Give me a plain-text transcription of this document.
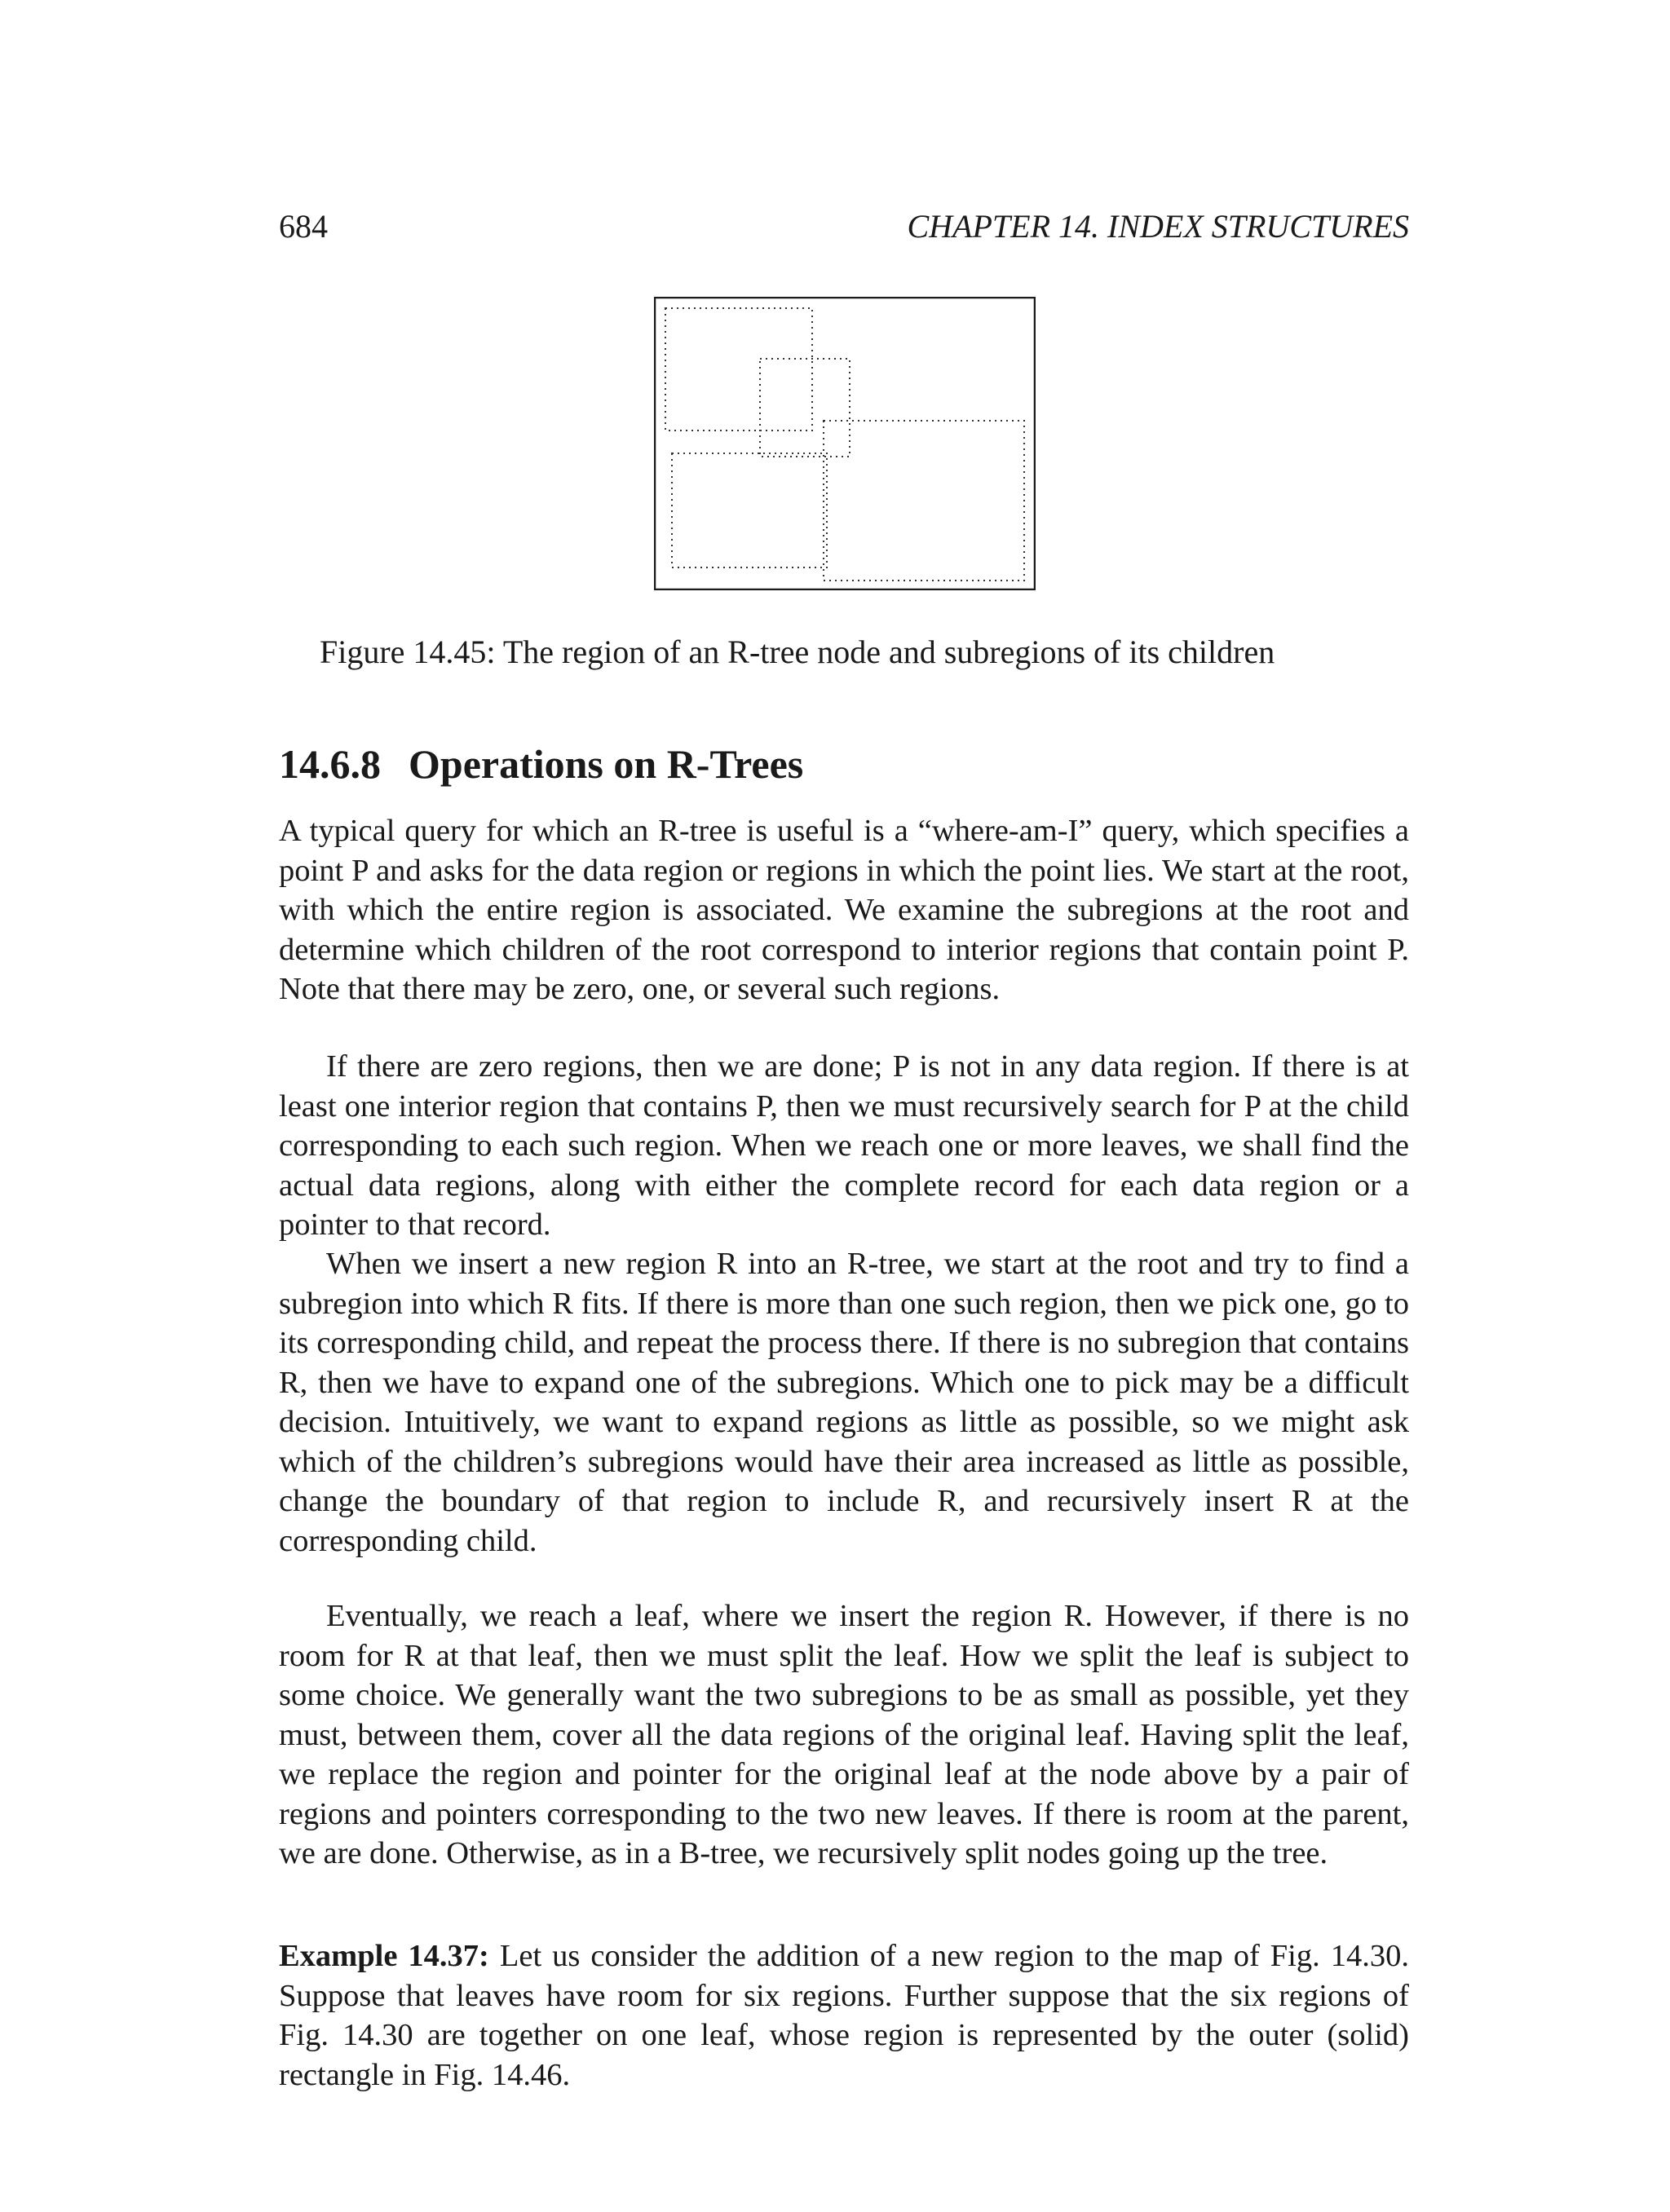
684	CHAPTER 14. INDEX STRUCTURES
Figure 14.45: The region of an R-tree node and subregions of its children
14.6.8 Operations on R-Trees

A typical query for which an R-tree is useful is a “where-am-I” query, which specifies a point P and asks for the data region or regions in which the point lies. We start at the root, with which the entire region is associated. We examine the subregions at the root and determine which children of the root correspond to interior regions that contain point P. Note that there may be zero, one, or several such regions.

If there are zero regions, then we are done; P is not in any data region. If there is at least one interior region that contains P, then we must recursively search for P at the child corresponding to each such region. When we reach one or more leaves, we shall find the actual data regions, along with either the complete record for each data region or a pointer to that record.

When we insert a new region R into an R-tree, we start at the root and try to find a subregion into which R fits. If there is more than one such region, then we pick one, go to its corresponding child, and repeat the process there. If there is no subregion that contains R, then we have to expand one of the subregions. Which one to pick may be a difficult decision. Intuitively, we want to expand regions as little as possible, so we might ask which of the children’s subregions would have their area increased as little as possible, change the boundary of that region to include R, and recursively insert R at the corresponding child.

Eventually, we reach a leaf, where we insert the region R. However, if there is no room for R at that leaf, then we must split the leaf. How we split the leaf is subject to some choice. We generally want the two subregions to be as small as possible, yet they must, between them, cover all the data regions of the original leaf. Having split the leaf, we replace the region and pointer for the original leaf at the node above by a pair of regions and pointers corresponding to the two new leaves. If there is room at the parent, we are done. Otherwise, as in a B-tree, we recursively split nodes going up the tree.

Example 14.37: Let us consider the addition of a new region to the map of Fig. 14.30. Suppose that leaves have room for six regions. Further suppose that the six regions of Fig. 14.30 are together on one leaf, whose region is represented by the outer (solid) rectangle in Fig. 14.46.
